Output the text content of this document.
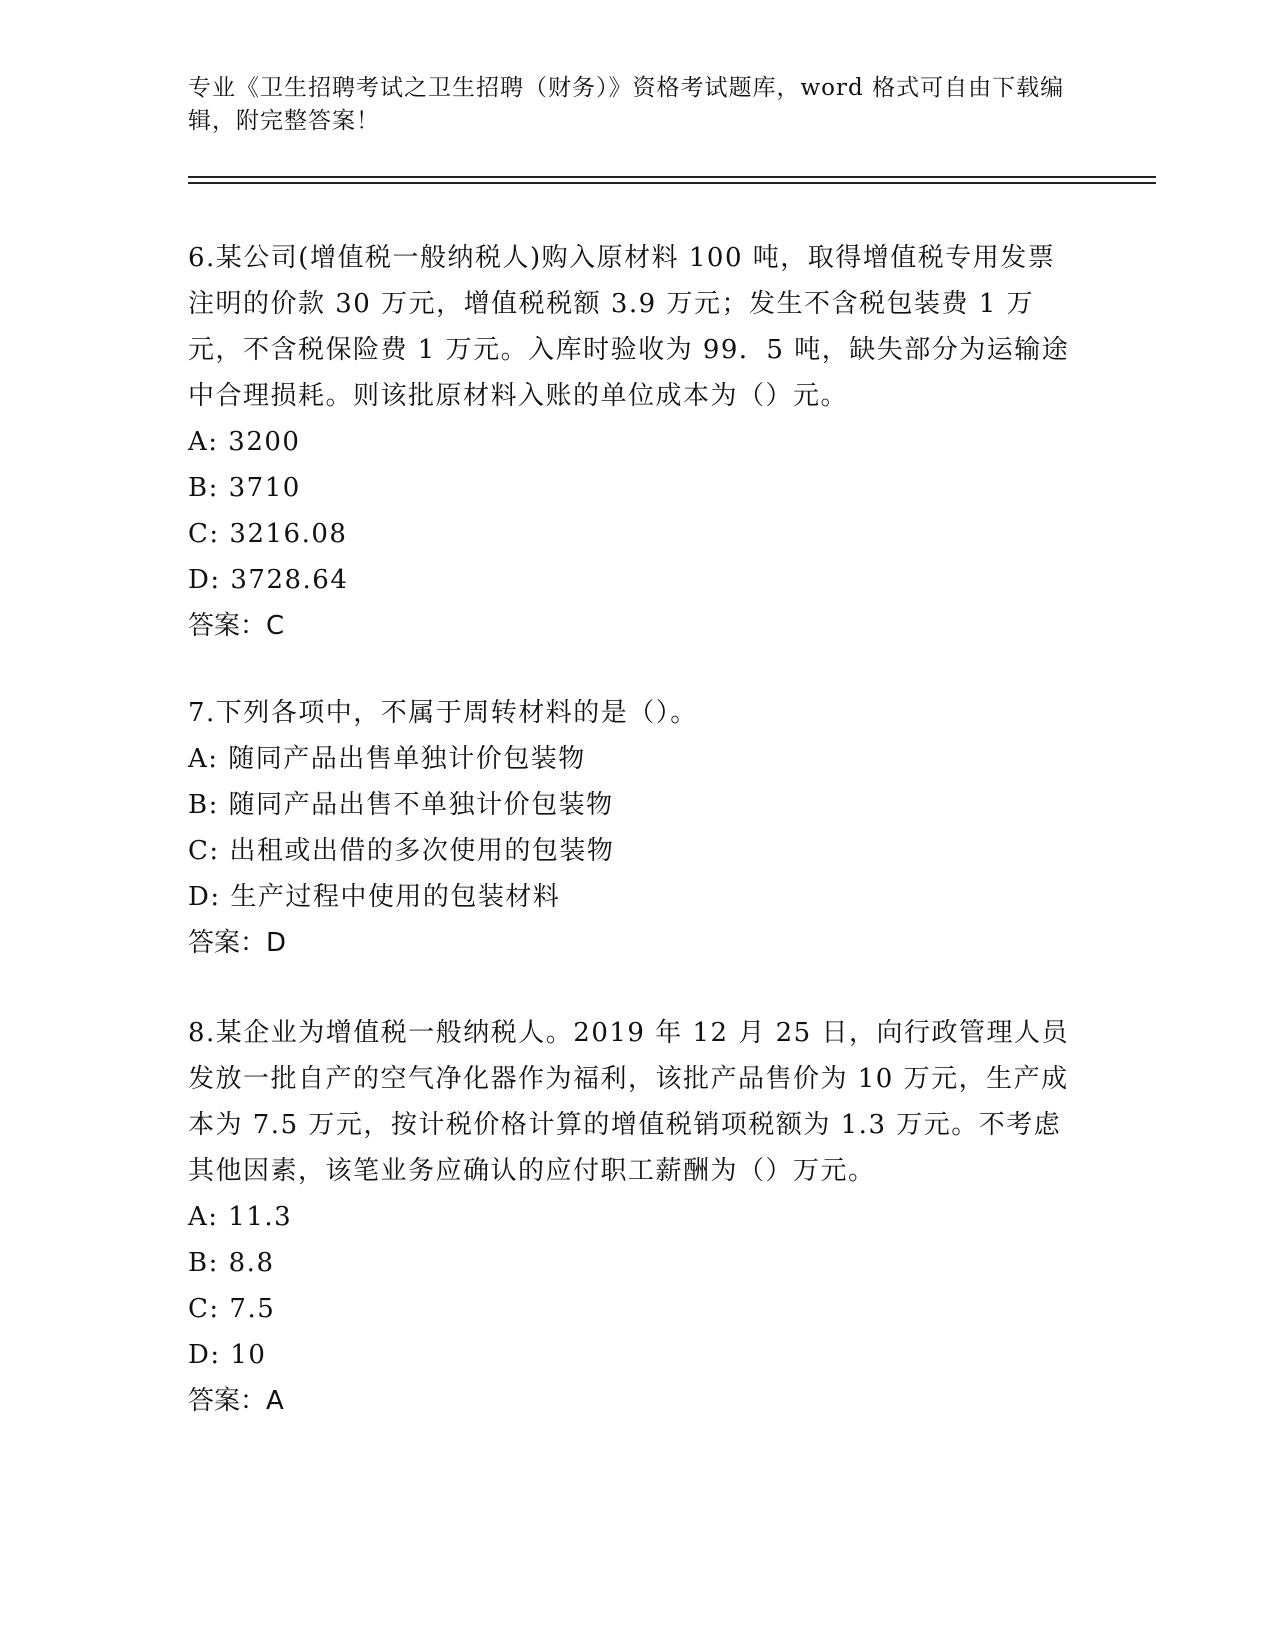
专业《卫生招聘考试之卫生招聘（财务）》资格考试题库，word 格式可自由下载编辑，附完整答案！

6.某公司(增值税一般纳税人)购入原材料 100 吨，取得增值税专用发票注明的价款 30 万元，增值税税额 3.9 万元；发生不含税包装费 1 万元，不含税保险费 1 万元。入库时验收为 99．5 吨，缺失部分为运输途中合理损耗。则该批原材料入账的单位成本为（）元。

A: 3200

B: 3710

C: 3216.08

D: 3728.64

答案：C

7.下列各项中，不属于周转材料的是（）。

A: 随同产品出售单独计价包装物

B: 随同产品出售不单独计价包装物

C: 出租或出借的多次使用的包装物

D: 生产过程中使用的包装材料

答案：D

8.某企业为增值税一般纳税人。2019 年 12 月 25 日，向行政管理人员发放一批自产的空气净化器作为福利，该批产品售价为 10 万元，生产成本为 7.5 万元，按计税价格计算的增值税销项税额为 1.3 万元。不考虑其他因素，该笔业务应确认的应付职工薪酬为（）万元。

A: 11.3

B: 8.8

C: 7.5

D: 10

答案：A
